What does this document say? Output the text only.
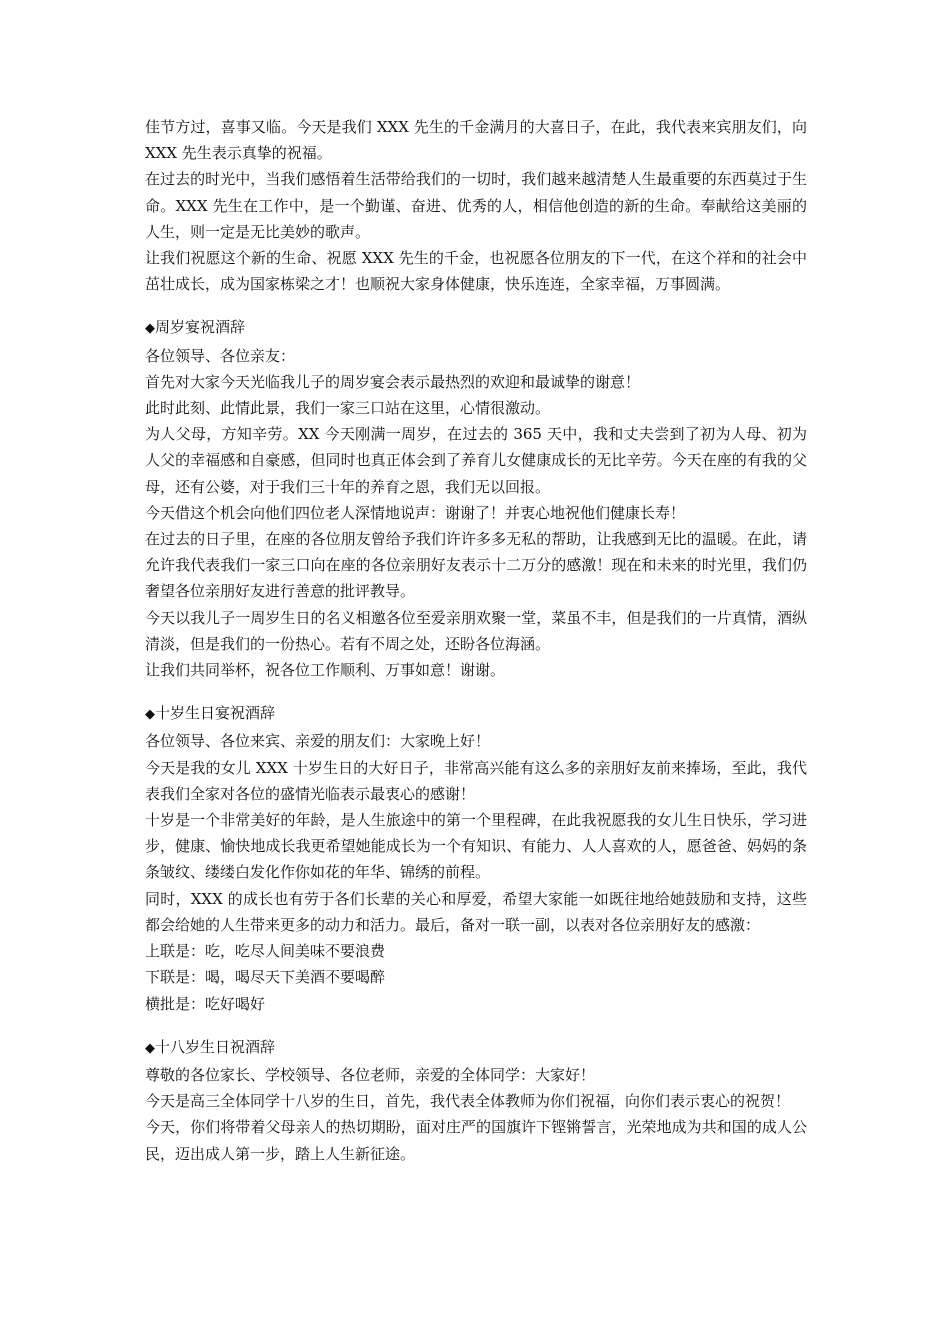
佳节方过，喜事又临。今天是我们 XXX 先生的千金满月的大喜日子，在此，我代表来宾朋友们，向 XXX 先生表示真挚的祝福。

在过去的时光中，当我们感悟着生活带给我们的一切时，我们越来越清楚人生最重要的东西莫过于生命。XXX 先生在工作中，是一个勤谨、奋进、优秀的人，相信他创造的新的生命。奉献给这美丽的人生，则一定是无比美妙的歌声。

让我们祝愿这个新的生命、祝愿 XXX 先生的千金，也祝愿各位朋友的下一代，在这个祥和的社会中茁壮成长，成为国家栋梁之才！也顺祝大家身体健康，快乐连连，全家幸福，万事圆满。

◆周岁宴祝酒辞

各位领导、各位亲友：

首先对大家今天光临我儿子的周岁宴会表示最热烈的欢迎和最诚挚的谢意！

此时此刻、此情此景，我们一家三口站在这里，心情很激动。

为人父母，方知辛劳。XX 今天刚满一周岁，在过去的 365 天中，我和丈夫尝到了初为人母、初为人父的幸福感和自豪感，但同时也真正体会到了养育儿女健康成长的无比辛劳。今天在座的有我的父母，还有公婆，对于我们三十年的养育之恩，我们无以回报。

今天借这个机会向他们四位老人深情地说声：谢谢了！并衷心地祝他们健康长寿！

在过去的日子里，在座的各位朋友曾给予我们许许多多无私的帮助，让我感到无比的温暖。在此，请允许我代表我们一家三口向在座的各位亲朋好友表示十二万分的感激！现在和未来的时光里，我们仍奢望各位亲朋好友进行善意的批评教导。

今天以我儿子一周岁生日的名义相邀各位至爱亲朋欢聚一堂，菜虽不丰，但是我们的一片真情，酒纵清淡，但是我们的一份热心。若有不周之处，还盼各位海涵。

让我们共同举杯，祝各位工作顺利、万事如意！谢谢。

◆十岁生日宴祝酒辞

各位领导、各位来宾、亲爱的朋友们：大家晚上好！

今天是我的女儿 XXX 十岁生日的大好日子，非常高兴能有这么多的亲朋好友前来捧场，至此，我代表我们全家对各位的盛情光临表示最衷心的感谢！

十岁是一个非常美好的年龄，是人生旅途中的第一个里程碑，在此我祝愿我的女儿生日快乐，学习进步，健康、愉快地成长我更希望她能成长为一个有知识、有能力、人人喜欢的人，愿爸爸、妈妈的条条皱纹、缕缕白发化作你如花的年华、锦绣的前程。

同时，XXX 的成长也有劳于各们长辈的关心和厚爱，希望大家能一如既往地给她鼓励和支持，这些都会给她的人生带来更多的动力和活力。最后，备对一联一副，以表对各位亲朋好友的感激：

上联是：吃，吃尽人间美味不要浪费

下联是：喝，喝尽天下美酒不要喝醉

横批是：吃好喝好

◆十八岁生日祝酒辞

尊敬的各位家长、学校领导、各位老师，亲爱的全体同学：大家好！

今天是高三全体同学十八岁的生日，首先，我代表全体教师为你们祝福，向你们表示衷心的祝贺！

今天，你们将带着父母亲人的热切期盼，面对庄严的国旗许下铿锵誓言，光荣地成为共和国的成人公民，迈出成人第一步，踏上人生新征途。
